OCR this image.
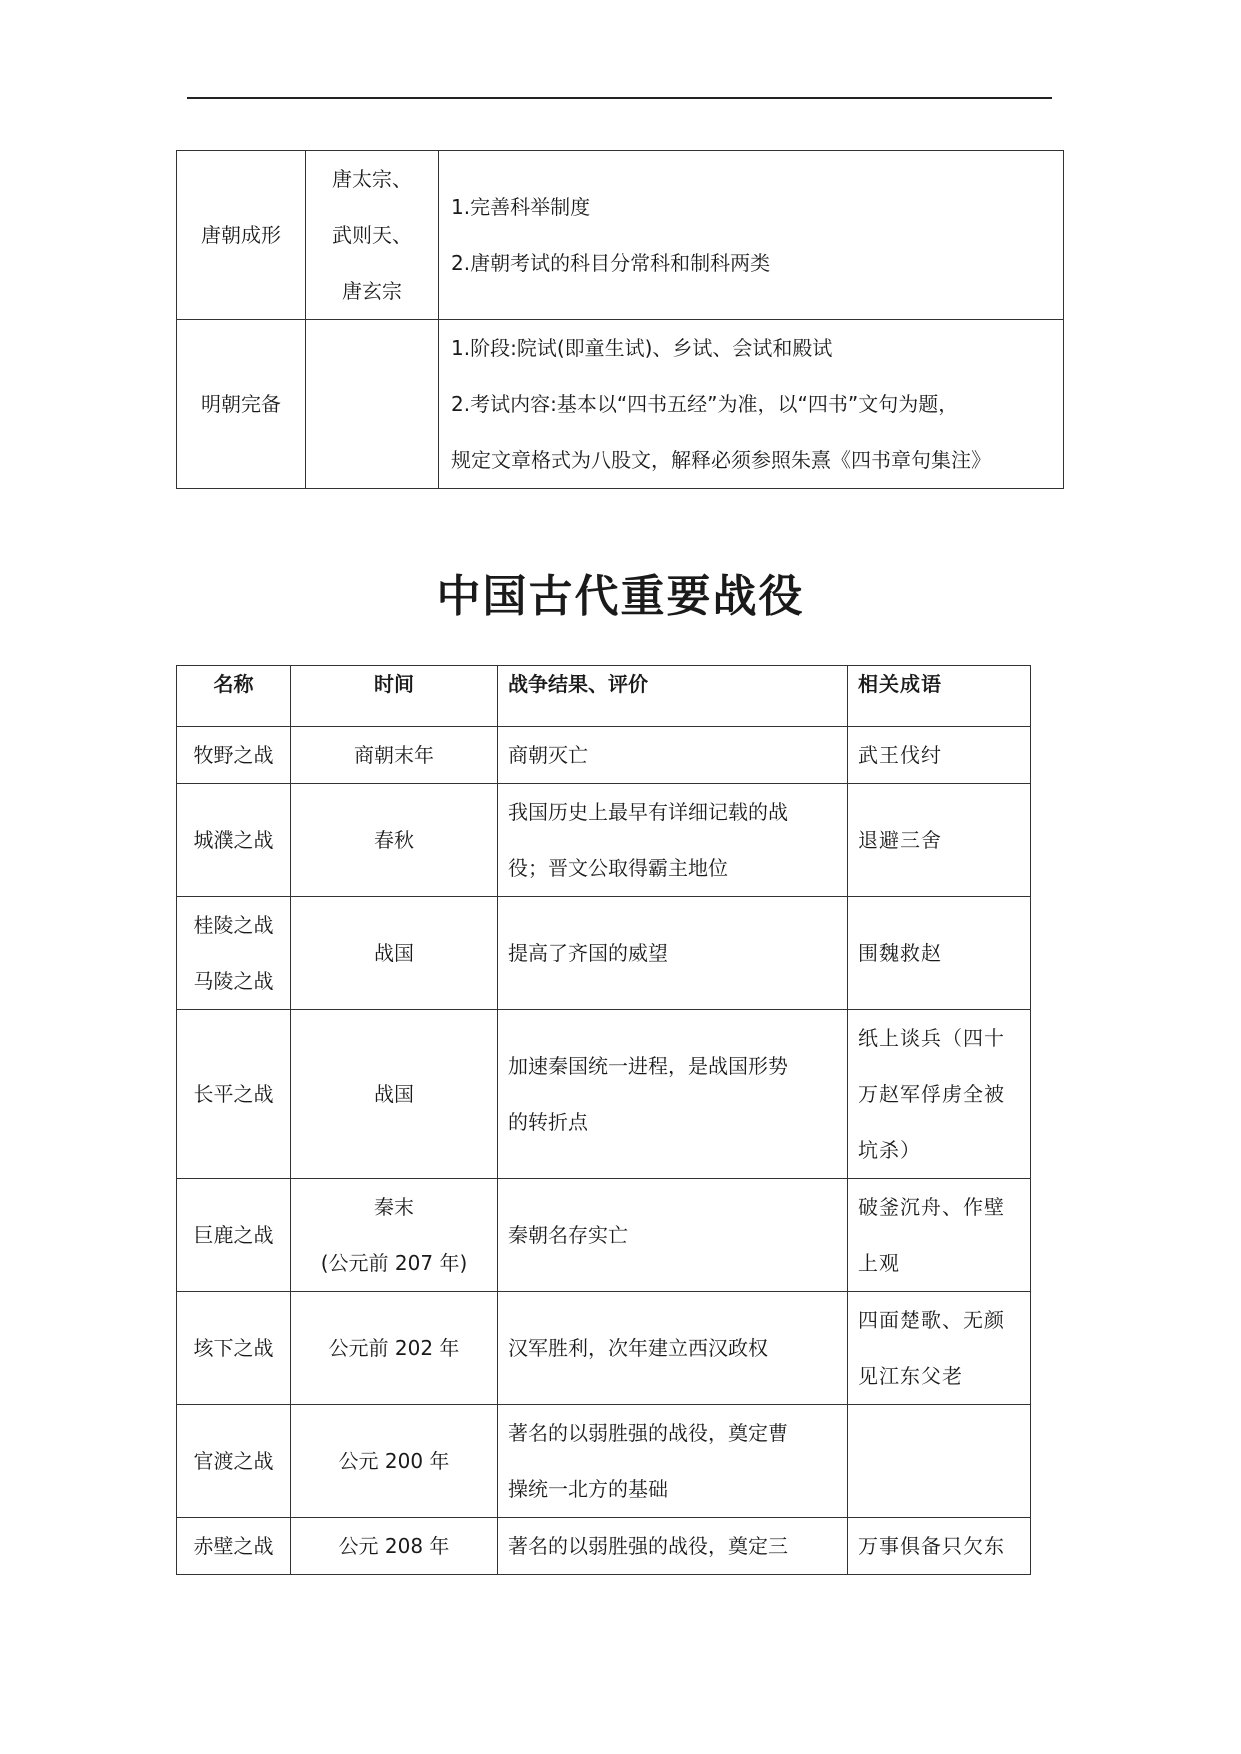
唐朝成形	唐太宗、
武则天、
唐玄宗	1.完善科举制度
2.唐朝考试的科目分常科和制科两类

明朝完备		1.阶段:院试(即童生试)、乡试、会试和殿试
2.考试内容:基本以“四书五经”为准，以“四书”文句为题，
规定文章格式为八股文，解释必须参照朱熹《四书章句集注》
中国古代重要战役
名称	时间	战争结果、评价	相关成语

牧野之战	商朝末年	商朝灭亡	武王伐纣

城濮之战	春秋	我国历史上最早有详细记载的战
役；晋文公取得霸主地位	退避三舍

桂陵之战
马陵之战	战国	提高了齐国的威望	围魏救赵

长平之战	战国	加速秦国统一进程，是战国形势
的转折点	纸上谈兵（四十
万赵军俘虏全被
坑杀）

巨鹿之战	秦末
(公元前 207 年)	秦朝名存实亡	破釜沉舟、作壁
上观

垓下之战	公元前 202 年	汉军胜利，次年建立西汉政权	四面楚歌、无颜
见江东父老

官渡之战	公元 200 年	著名的以弱胜强的战役，奠定曹
操统一北方的基础	

赤壁之战	公元 208 年	著名的以弱胜强的战役，奠定三	万事俱备只欠东
